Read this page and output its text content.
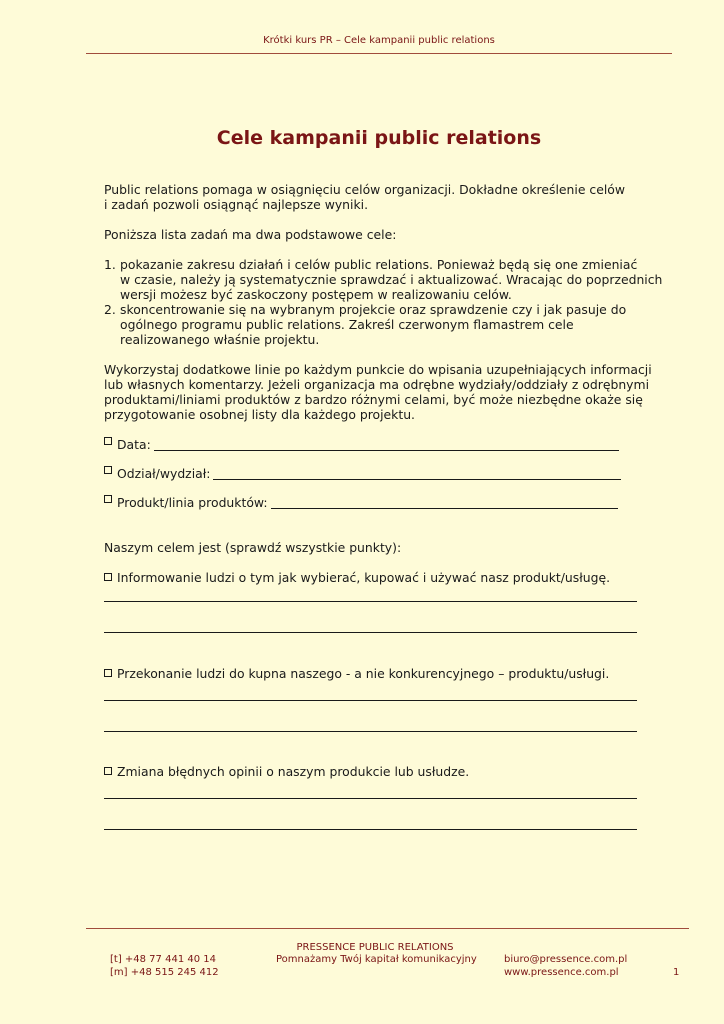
Krótki kurs PR – Cele kampanii public relations
Cele kampanii public relations

Public relations pomaga w osiągnięciu celów organizacji. Dokładne określenie celów

i zadań pozwoli osiągnąć najlepsze wyniki.

Poniższa lista zadań ma dwa podstawowe cele:

1. pokazanie zakresu działań i celów public relations. Ponieważ będą się one zmieniać

w czasie, należy ją systematycznie sprawdzać i aktualizować. Wracając do poprzednich

wersji możesz być zaskoczony postępem w realizowaniu celów.

2. skoncentrowanie się na wybranym projekcie oraz sprawdzenie czy i jak pasuje do

ogólnego programu public relations. Zakreśl czerwonym flamastrem cele

realizowanego właśnie projektu.

Wykorzystaj dodatkowe linie po każdym punkcie do wpisania uzupełniających informacji

lub własnych komentarzy. Jeżeli organizacja ma odrębne wydziały/oddziały z odrębnymi

produktami/liniami produktów z bardzo różnymi celami, być może niezbędne okaże się

przygotowanie osobnej listy dla każdego projektu.

Data:
Odział/wydział:
Produkt/linia produktów:

Naszym celem jest (sprawdź wszystkie punkty):

Informowanie ludzi o tym jak wybierać, kupować i używać nasz produkt/usługę.

Przekonanie ludzi do kupna naszego - a nie konkurencyjnego – produktu/usługi.

Zmiana błędnych opinii o naszym produkcie lub usłudze.

PRESSENCE PUBLIC RELATIONS
[t] +48 77 441 40 14
[m] +48 515 245 412
Pomnażamy Twój kapitał komunikacyjny	biuro@pressence.com.pl
www.pressence.com.pl	1
